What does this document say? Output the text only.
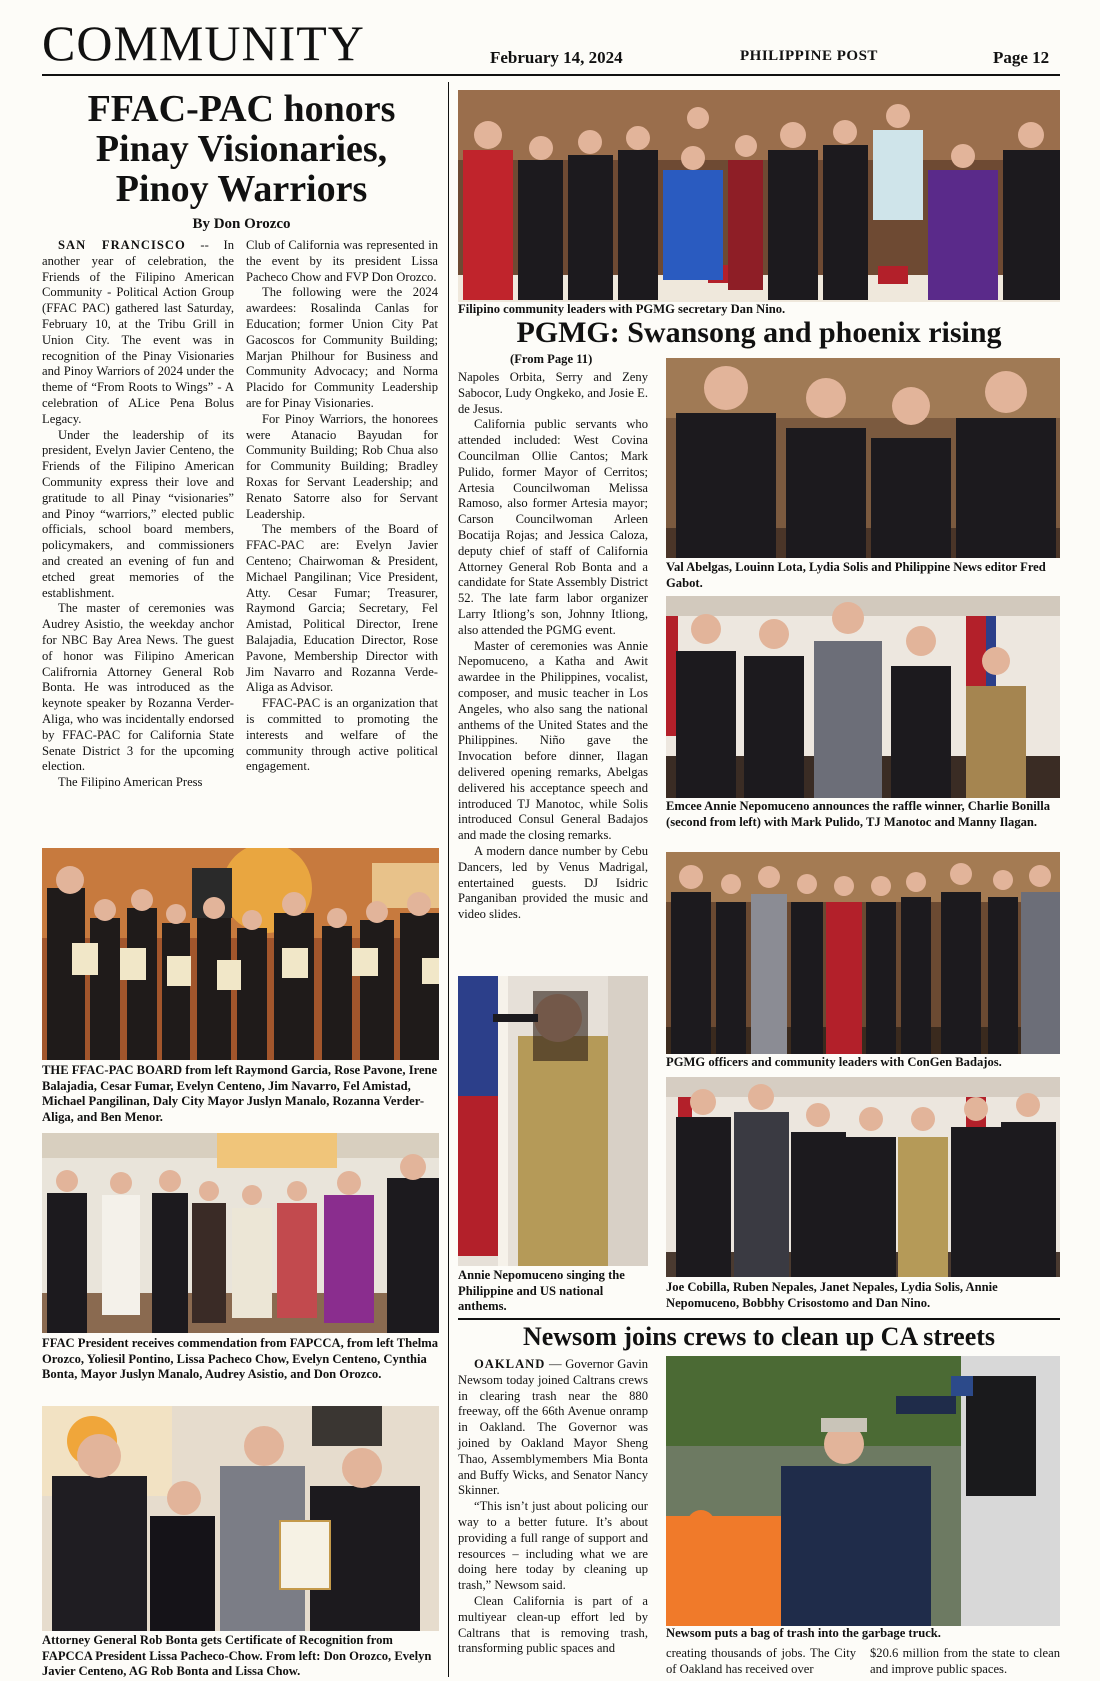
COMMUNITY	February 14, 2024	PHILIPPINE POST	Page 12
FFAC-PAC honors
Pinay Visionaries,
Pinoy Warriors
By Don Orozco

SAN FRANCISCO -- In another year of celebration, the Friends of the Filipino American Community - Political Action Group (FFAC PAC) gathered last Saturday, February 10, at the Tribu Grill in Union City. The event was in recognition of the Pinay Visionaries and Pinoy Warriors of 2024 under the theme of “From Roots to Wings” - A celebration of ALice Pena Bolus Legacy.

Under the leadership of its president, Evelyn Javier Centeno, the Friends of the Filipino American Community express their love and gratitude to all Pinay “visionaries” and Pinoy “warriors,” elected public officials, school board members, policymakers, and commissioners and created an evening of fun and etched great memories of the establishment.

The master of ceremonies was Audrey Asistio, the weekday anchor for NBC Bay Area News. The guest of honor was Filipino American Califrornia Attorney General Rob Bonta. He was introduced as the keynote speaker by Rozanna Verder-Aliga, who was incidentally endorsed by FFAC-PAC for California State Senate District 3 for the upcoming election.

The Filipino American Press

Club of California was represented in the event by its president Lissa Pacheco Chow and FVP Don Orozco.

The following were the 2024 awardees: Rosalinda Canlas for Education; former Union City Pat Gacoscos for Community Building; Marjan Philhour for Business and Community Advocacy; and Norma Placido for Community Leadership are for Pinay Visionaries.

For Pinoy Warriors, the honorees were Atanacio Bayudan for Community Building; Rob Chua also for Community Building; Bradley Roxas for Servant Leadership; and Renato Satorre also for Servant Leadership.

The members of the Board of FFAC-PAC are: Evelyn Javier Centeno; Chairwoman & President, Michael Pangilinan; Vice President, Atty. Cesar Fumar; Treasurer, Raymond Garcia; Secretary, Fel Amistad, Political Director, Irene Balajadia, Education Director, Rose Pavone, Membership Director with Jim Navarro and Rozanna Verde-Aliga as Advisor.

FFAC-PAC is an organization that is committed to promoting the interests and welfare of the community through active political engagement.

THE FFAC-PAC BOARD from left Raymond Garcia, Rose Pavone, Irene Balajadia, Cesar Fumar, Evelyn Centeno, Jim Navarro, Fel Amistad, Michael Pangilinan, Daly City Mayor Juslyn Manalo, Rozanna Verder-Aliga, and Ben Menor.
FFAC President receives commendation from FAPCCA, from left Thelma Orozco, Yoliesil Pontino, Lissa Pacheco Chow, Evelyn Centeno, Cynthia Bonta, Mayor Juslyn Manalo, Audrey Asistio, and Don Orozco.
Attorney General Rob Bonta gets Certificate of Recognition from FAPCCA President Lissa Pacheco-Chow. From left: Don Orozco, Evelyn Javier Centeno, AG Rob Bonta and Lissa Chow.
Filipino community leaders with PGMG secretary Dan Nino.
PGMG: Swansong and phoenix rising
(From Page 11)

Napoles Orbita, Serry and Zeny Sabocor, Ludy Ongkeko, and Josie E. de Jesus.

California public servants who attended included: West Covina Councilman Ollie Cantos; Mark Pulido, former Mayor of Cerritos; Artesia Councilwoman Melissa Ramoso, also former Artesia mayor; Carson Councilwoman Arleen Bocatija Rojas; and Jessica Caloza, deputy chief of staff of California Attorney General Rob Bonta and a candidate for State Assembly District 52. The late farm labor organizer Larry Itliong’s son, Johnny Itliong, also attended the PGMG event.

Master of ceremonies was Annie Nepomuceno, a Katha and Awit awardee in the Philippines, vocalist, composer, and music teacher in Los Angeles, who also sang the national anthems of the United States and the Philippines. Niño gave the Invocation before dinner, Ilagan delivered opening remarks, Abelgas delivered his acceptance speech and introduced TJ Manotoc, while Solis introduced Consul General Badajos and made the closing remarks.

A modern dance number by Cebu Dancers, led by Venus Madrigal, entertained guests. DJ Isidric Panganiban provided the music and video slides.

Val Abelgas, Louinn Lota, Lydia Solis and Philippine News editor Fred Gabot.
Emcee Annie Nepomuceno announces the raffle winner, Charlie Bonilla (second from left) with Mark Pulido, TJ Manotoc and Manny Ilagan.
Annie Nepomuceno singing the Philippine and US national anthems.
PGMG officers and community leaders with ConGen Badajos.
Joe Cobilla, Ruben Nepales, Janet Nepales, Lydia Solis, Annie Nepomuceno, Bobbhy Crisostomo and Dan Nino.
Newsom joins crews to clean up CA streets

OAKLAND — Governor Gavin Newsom today joined Caltrans crews in clearing trash near the 880 freeway, off the 66th Avenue onramp in Oakland. The Governor was joined by Oakland Mayor Sheng Thao, Assemblymembers Mia Bonta and Buffy Wicks, and Senator Nancy Skinner.

“This isn’t just about policing our way to a better future. It’s about providing a full range of support and resources – including what we are doing here today by cleaning up trash,” Newsom said.

Clean California is part of a multiyear clean-up effort led by Caltrans that is removing trash, transforming public spaces and

Newsom puts a bag of trash into the garbage truck.
creating thousands of jobs. The City of Oakland has received over
$20.6 million from the state to clean and improve public spaces.
